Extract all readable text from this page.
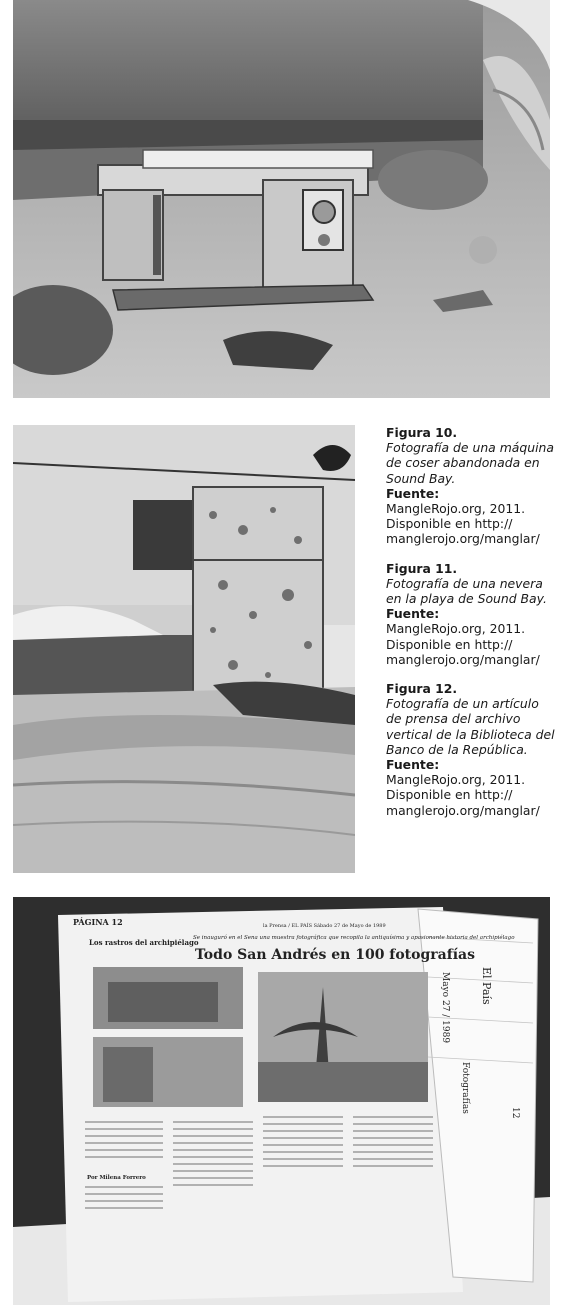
Figura 10.
Fotografía de una máquina de coser abandonada en Sound Bay.
Fuente:
MangleRojo.org, 2011. Disponible en http:// manglerojo.org/manglar/
Figura 11.
Fotografía de una nevera en la playa de Sound Bay.
Fuente:
MangleRojo.org, 2011. Disponible en http:// manglerojo.org/manglar/
Figura 12.
Fotografía de un artículo de prensa del archivo vertical de la Biblioteca del Banco de la República.
Fuente:
MangleRojo.org, 2011. Disponible en http:// manglerojo.org/manglar/
El País
Mayo 27 / 1989
Fotografías	12
PÁGINA 12	la Prensa / EL PAÍS Sábado 27 de Mayo de 1989
Se inauguró en el Sena una muestra fotográfica que recopila la antiquísima y apasionante historia del archipiélago
Todo San Andrés en 100 fotografías
Los rastros del archipiélago
Por Milena Forrero
